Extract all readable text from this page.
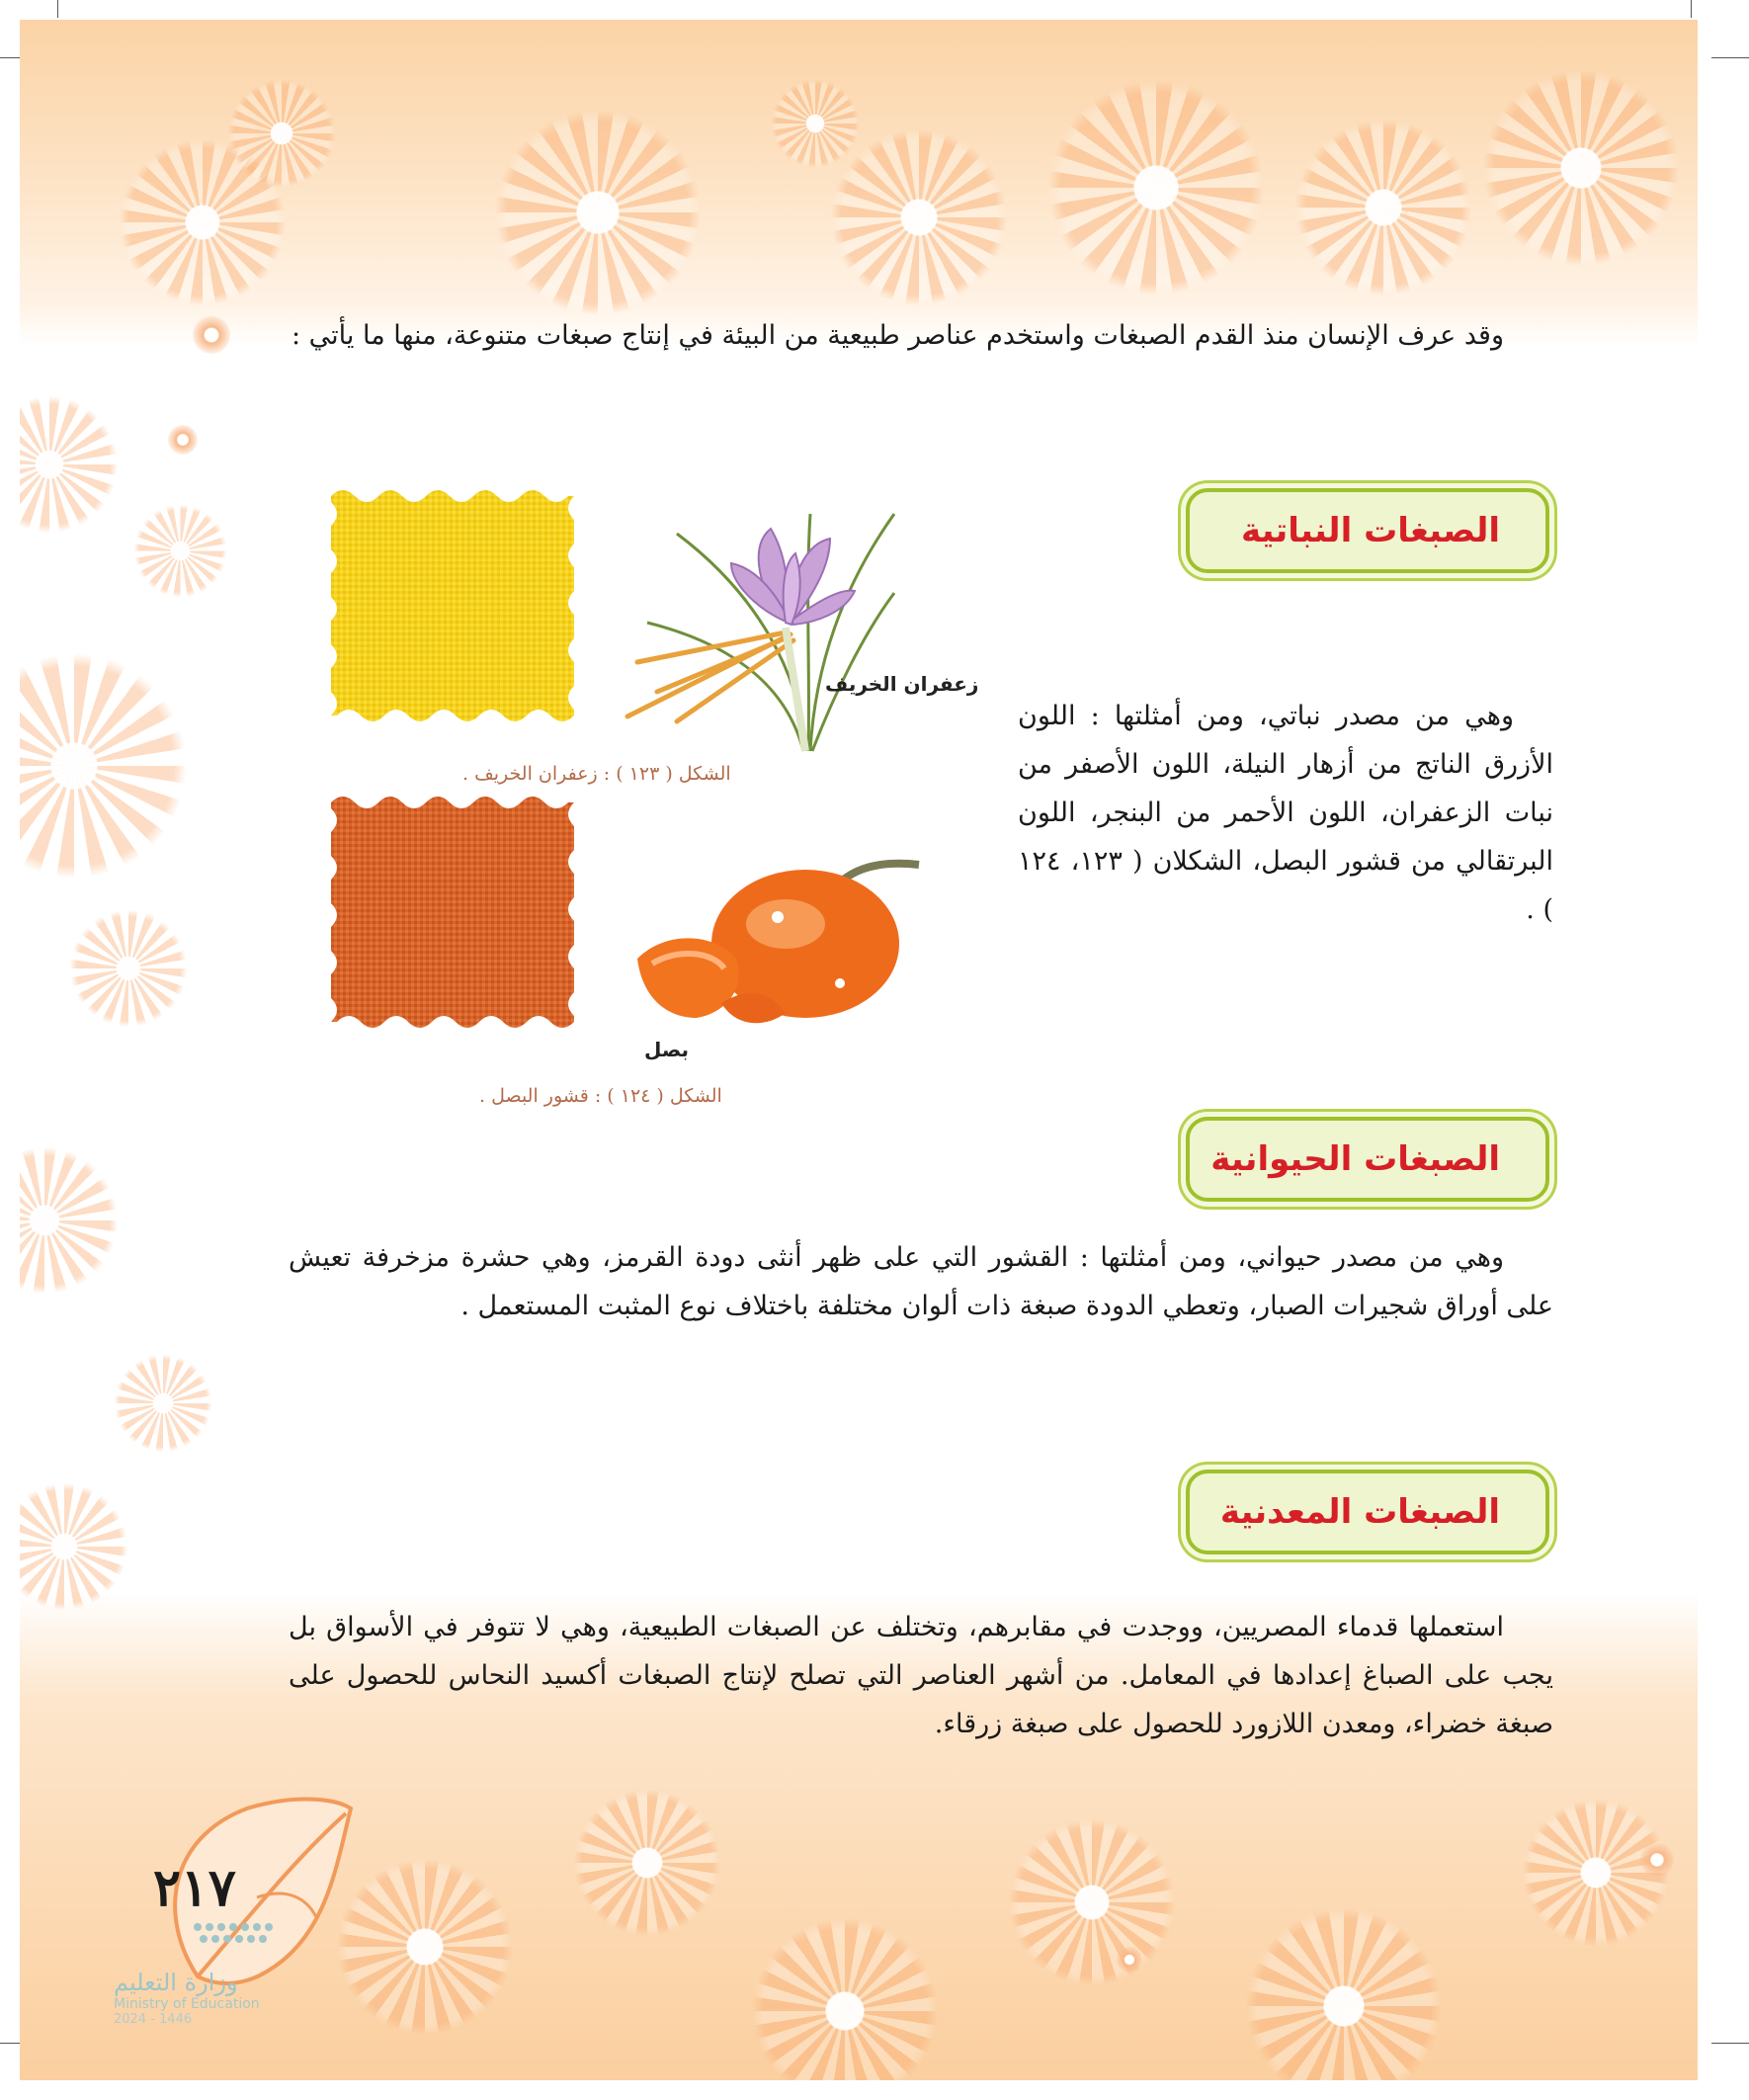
وقد عرف الإنسان منذ القدم الصبغات واستخدم عناصر طبيعية من البيئة في إنتاج صبغات متنوعة، منها ما يأتي :
الصبغات النباتية
وهي من مصدر نباتي، ومن أمثلتها : اللون الأزرق الناتج من أزهار النيلة، اللون الأصفر من نبات الزعفران، اللون الأحمر من البنجر، اللون البرتقالي من قشور البصل، الشكلان ( ١٢٣، ١٢٤ ) .
زعفران الخريف
الشكل ( ١٢٣ ) : زعفران الخريف .
بصل
الشكل ( ١٢٤ ) : قشور البصل .
الصبغات الحيوانية
وهي من مصدر حيواني، ومن أمثلتها : القشور التي على ظهر أنثى دودة القرمز، وهي حشرة مزخرفة تعيش على أوراق شجيرات الصبار، وتعطي الدودة صبغة ذات ألوان مختلفة باختلاف نوع المثبت المستعمل .
الصبغات المعدنية
استعملها قدماء المصريين، ووجدت في مقابرهم، وتختلف عن الصبغات الطبيعية، وهي لا تتوفر في الأسواق بل يجب على الصباغ إعدادها في المعامل. من أشهر العناصر التي تصلح لإنتاج الصبغات أكسيد النحاس للحصول على صبغة خضراء، ومعدن اللازورد للحصول على صبغة زرقاء.
٢١٧
وزارة التعليم
Ministry of Education
2024 - 1446
